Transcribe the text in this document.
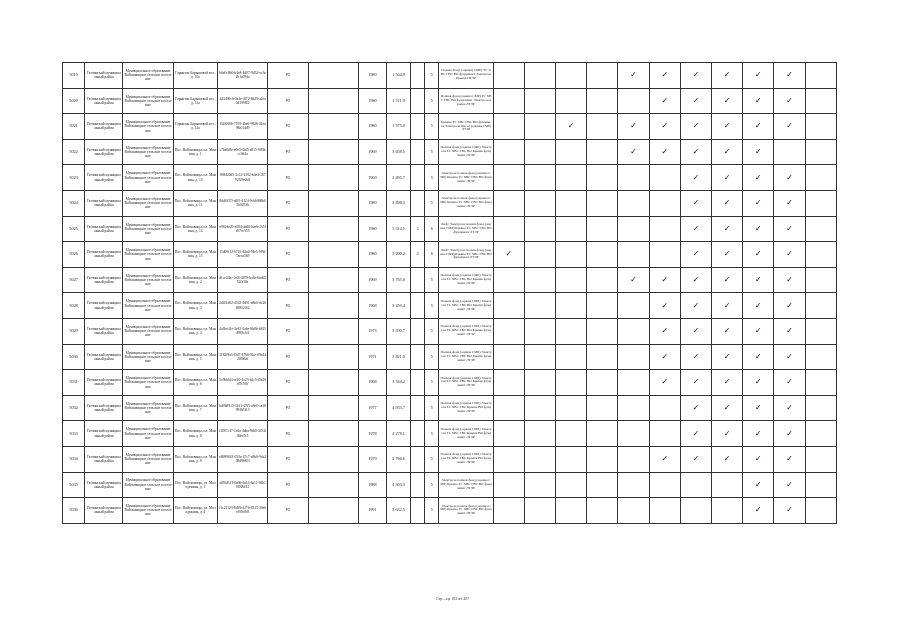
5019	Гатчинский муниципальный район	Муниципальное образование Войсковицкое сельское поселение	Гарнизон Барышевой ист., д. 10а	b6e0c8b0-b4e8-4d07-9d52-ec3e2b1a05da	РО		1980	1 544,9		5	Полная фонд (оценка) СМР) ТС ХВС ГВС ВО фундамент Электроэн Крыша ПТЭР					✓	✓	✓	✓	✓	✓	
5020	Гатчинский муниципальный район	Муниципальное образование Войсковицкое сельское поселение	Гарнизон Барышевой ист., д. 11а	4d3496cb-0a1e-4f72-8d29-a4ea0d1998f2	РО		1980	1 511,9		5	Полная фонд (оценка СМР) ТС ХВС ГВС ВО фундамент Электроэн крыша ЛТЭР						✓	✓	✓	✓	✓	
5021	Гатчинский муниципальный район	Муниципальное образование Войсковицкое сельское поселение	Гарнизон Барышевой ист., д. 12а	f32f060b-7195-4be6-9826-41ea98a1f4d9	РО		1980	1 575,0		5	Крыша ТС ХВС ГВС ВО фундамент Электроэн Фасад (оценка СМР) ЛТЭР			✓		✓	✓	✓	✓	✓	✓	
5022	Гатчинский муниципальный район	Муниципальное образование Войсковицкое сельское поселение	Пос. Войсковицы, пл. Манина, д. 1	c7ba6f8e-e0e3-4fd5-a815-9f8fbcc9d4a	РО		1969	3 658,5		5	Полная фонд (оценка СМР) Электроэн ТС ХВС ГВС ВО Крыша фундамент ЛТЭР					✓	✓	✓	✓	✓		
5023	Гатчинский муниципальный район	Муниципальное образование Войсковицкое сельское поселение	Пос. Войсковицы, пл. Манина, д. 10	969d20d5-2c12-4192-b4e4-167923f9e2c8	РО		1969	2 495,7		5	Электроэн полная фонд (оценка СМР) Крыша ТС ХВС ГВС ВО фундамент ЛТЭР							✓	✓	✓	✓	
5024	Гатчинский муниципальный район	Муниципальное образование Войсковицкое сельское поселение	Пос. Войсковицы, пл. Манина, д. 11	8dd6f37f-a8f5-4124-9c6b968b65b0253b	РО		1980	2 498,3		5	Электроэн полная фонд (оценка СМР) Крыша ТС ХВС ГВС ВО фундамент ЛТЭР							✓	✓	✓	✓	
5025	Гатчинский муниципальный район	Муниципальное образование Войсковицкое сельское поселение	Пос. Войсковицы, пл. Манина, д. 14	e962de20-e094-4dd0-bae6-165fe67cc953	РО		1980	3 314,5	2	6	Лифт Электроэн полная фонд (оценка СМР) Крыша ТС ХВС ГВС ВО фундамент ЛТЭР							✓	✓	✓	✓	
5026	Гатчинский муниципальный район	Муниципальное образование Войсковицкое сельское поселение	Пос. Войсковицы, пл. Манина, д. 15	f5d06f12-6716-42a0-94e5-9f9d7aeca5b9	РО		1980	5 200,2	2	6	Лифт Электроэн полная фонд (оценка СМР) Крыша ТС ХВС ГВС ВО фундамент ЛТЭР	✓						✓	✓	✓	✓	
5027	Гатчинский муниципальный район	Муниципальное образование Войсковицкое сельское поселение	Пос. Войсковицы, пл. Манина, д. 2	d1ce2fbc-1e0f-4879-ba4e-6bdd552fe58e	РО		1969	3 765,0		5	Полная фонд (оценка СМР) Электроэн ТС ХВС ГВС ВО Крыша фундамент ЛТЭР					✓	✓	✓	✓	✓	✓	
5028	Гатчинский муниципальный район	Муниципальное образование Войсковицкое сельское поселение	Пос. Войсковицы, пл. Манина, д. 3	2d4f1d02-d543-4d91-a8b0-dc26698524f2	РО		1968	3 459,4		5	Полная фонд (оценка СМР) Электроэн ТС ХВС ГВС ВО Крыша фундамент ЛТЭР						✓	✓	✓	✓	✓	
5029	Гатчинский муниципальный район	Муниципальное образование Войсковицкое сельское поселение	Пос. Войсковицы, пл. Манина, д. 4	4a3be41e-2e81-4abe-8b8b-b8254958c3f4	РО		1973	3 590,7		5	Полная фонд (оценка СМР) Электроэн ТС ХВС ГВС ВО Крыша фундамент ЛТЭР						✓	✓	✓	✓	✓	
5030	Гатчинский муниципальный район	Муниципальное образование Войсковицкое сельское поселение	Пос. Войсковицы, пл. Манина, д. 5	1182f9a3-f5d7-47b8-9fce-09e442f8b6af	РО		1971	3 821,0		5	Полная фонд (оценка СМР) Электроэн ТС ХВС ГВС ВО Крыша фундамент ЛТЭР						✓	✓	✓	✓	✓	
5031	Гатчинский муниципальный район	Муниципальное образование Войсковицкое сельское поселение	Пос. Войсковицы, пл. Манина, д. 6	5c9bb6f3-af10-4c23-b2c5-f0a29d7b7f0f	РО		1968	3 544,2		5	Полная фонд (оценка СМР) Электроэн ТС ХВС ГВС ВО Крыша фундамент ЛТЭР						✓	✓	✓	✓	✓	
5032	Гатчинский муниципальный район	Муниципальное образование Войсковицкое сельское поселение	Пос. Войсковицы, пл. Манина, д. 7	bd0b8915-3b13-47f5-a8e0-ca18993b5f13	РО		1977	4 053,7		5	Полная фонд (оценка СМР) Электроэн ТС ХВС ГВС Крыша ВО фундамент ЛТЭР							✓	✓	✓	✓	
5033	Гатчинский муниципальный район	Муниципальное образование Войсковицкое сельское поселение	Пос. Войсковицы, пл. Манина, д. 8	f2087c37-1e4a-4aba-9eb0-3f54f0dee5f3	РО		1978	4 278,1		5	Полная фонд (оценка СМР) Электроэн ТС ХВС ГВС Крыша ВО фундамент ЛТЭР							✓	✓	✓	✓	
5034	Гатчинский муниципальный район	Муниципальное образование Войсковицкое сельское поселение	Пос. Войсковицы, пл. Манина, д. 9	e8699618-053a-47c7-a8b6-9cb208d8b8f3	РО		1979	2 766,6		5	Полная фонд (оценка СМР) Электроэн ТС ХВС ГВС Крыша ВО фундамент ЛТЭР						✓	✓	✓	✓	✓	
5035	Гатчинский муниципальный район	Муниципальное образование Войсковицкое сельское поселение	Пос. Войсковицы, ул. Молодежная, д. 1	a89fd313-0a66-4a13-8a11-9db10038ff41	РО		1988	4 303,3		5	Электроэн полная фонд (оценка СМР) Крыша ТС ХВС ГВС ВО фундамент ЛТЭР									✓	✓	
5036	Гатчинский муниципальный район	Муниципальное образование Войсковицкое сельское поселение	Пос. Войсковицы, ул. Молодежная, д. 4	f1c22123-8d59-4276-8315-30e6e0f0c8f8	РО		1991	3 632,5		5	Электроэн полная фонд (оценка СМР) Крыша ТС ХВС ГВС ВО фундамент ЛТЭР									✓	✓	
Стр—ца 183 из 407
